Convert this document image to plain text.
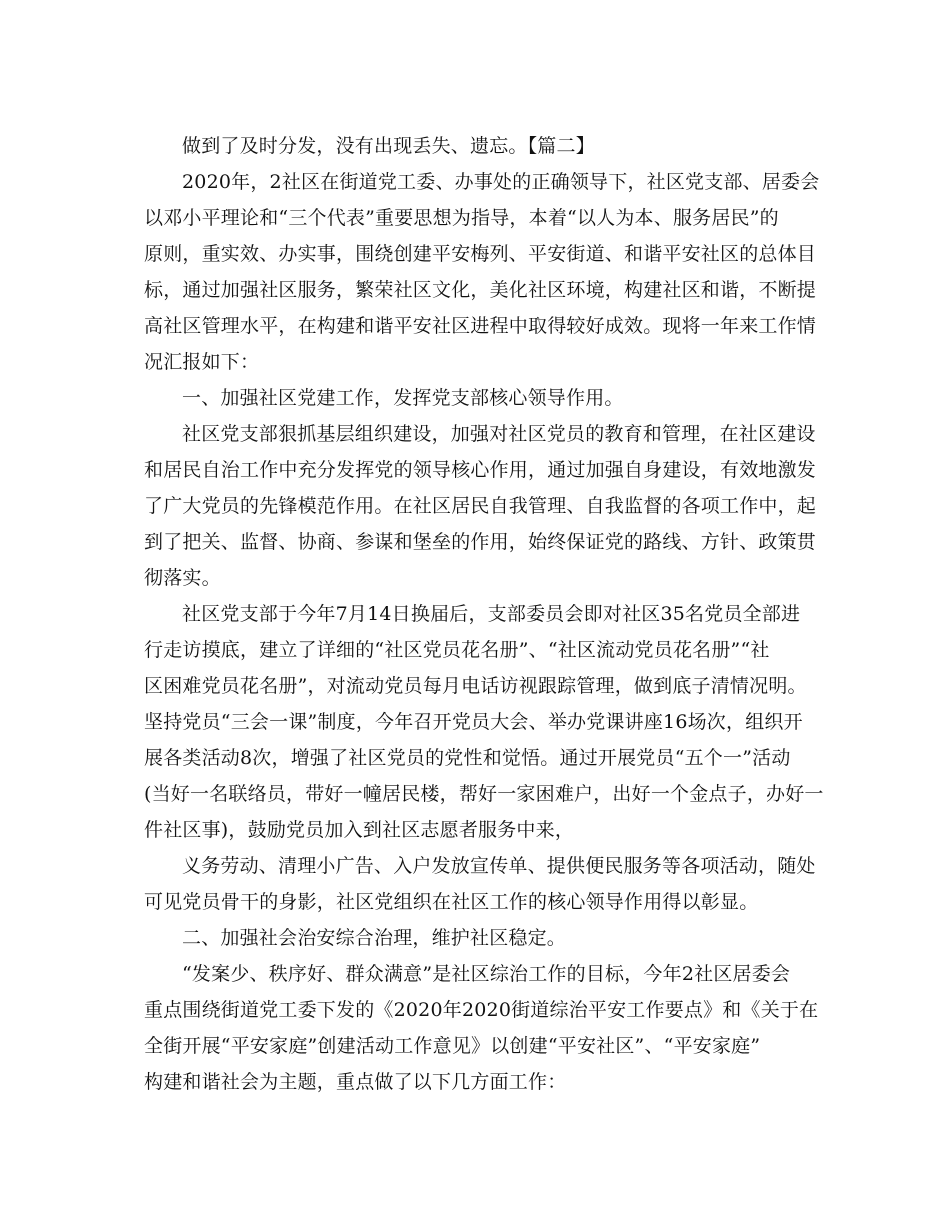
做到了及时分发，没有出现丢失、遗忘。【篇二】
2020年，2社区在街道党工委、办事处的正确领导下，社区党支部、居委会
以邓小平理论和“三个代表”重要思想为指导，本着“以人为本、服务居民”的
原则，重实效、办实事，围绕创建平安梅列、平安街道、和谐平安社区的总体目
标，通过加强社区服务，繁荣社区文化，美化社区环境，构建社区和谐，不断提
高社区管理水平，在构建和谐平安社区进程中取得较好成效。现将一年来工作情
况汇报如下：
一、加强社区党建工作，发挥党支部核心领导作用。
社区党支部狠抓基层组织建设，加强对社区党员的教育和管理，在社区建设
和居民自治工作中充分发挥党的领导核心作用，通过加强自身建设，有效地激发
了广大党员的先锋模范作用。在社区居民自我管理、自我监督的各项工作中，起
到了把关、监督、协商、参谋和堡垒的作用，始终保证党的路线、方针、政策贯
彻落实。
社区党支部于今年7月14日换届后，支部委员会即对社区35名党员全部进
行走访摸底，建立了详细的“社区党员花名册”、“社区流动党员花名册”“社
区困难党员花名册”，对流动党员每月电话访视跟踪管理，做到底子清情况明。
坚持党员“三会一课”制度，今年召开党员大会、举办党课讲座16场次，组织开
展各类活动8次，增强了社区党员的党性和觉悟。通过开展党员“五个一”活动
(当好一名联络员，带好一幢居民楼，帮好一家困难户，出好一个金点子，办好一
件社区事)，鼓励党员加入到社区志愿者服务中来，
义务劳动、清理小广告、入户发放宣传单、提供便民服务等各项活动，随处
可见党员骨干的身影，社区党组织在社区工作的核心领导作用得以彰显。
二、加强社会治安综合治理，维护社区稳定。
“发案少、秩序好、群众满意”是社区综治工作的目标，今年2社区居委会
重点围绕街道党工委下发的《2020年2020街道综治平安工作要点》和《关于在
全街开展“平安家庭”创建活动工作意见》以创建“平安社区”、“平安家庭”
构建和谐社会为主题，重点做了以下几方面工作：
